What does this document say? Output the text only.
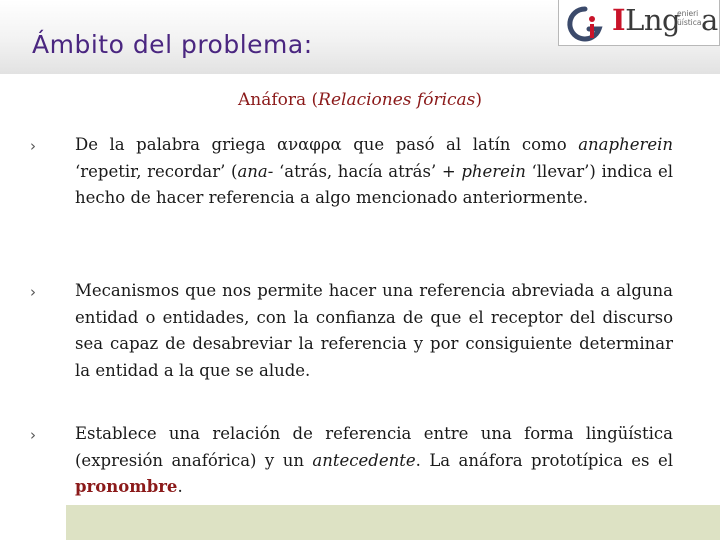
Ámbito del problema:
ILng
enieri
üística a
Anáfora (Relaciones fóricas)
› De la palabra griega αναφρα que pasó al latín como anapherein ‘repetir, recordar’ (ana- ‘atrás, hacía atrás’ + pherein ‘llevar’) indica el hecho de hacer referencia a algo mencionado anteriormente.
› Mecanismos que nos permite hacer una referencia abreviada a alguna entidad o entidades, con la confianza de que el receptor del discurso sea capaz de desabreviar la referencia y por consiguiente determinar la entidad a la que se alude.
› Establece una relación de referencia entre una forma lingüística (expresión anafórica) y un antecedente. La anáfora prototípica es el pronombre.
